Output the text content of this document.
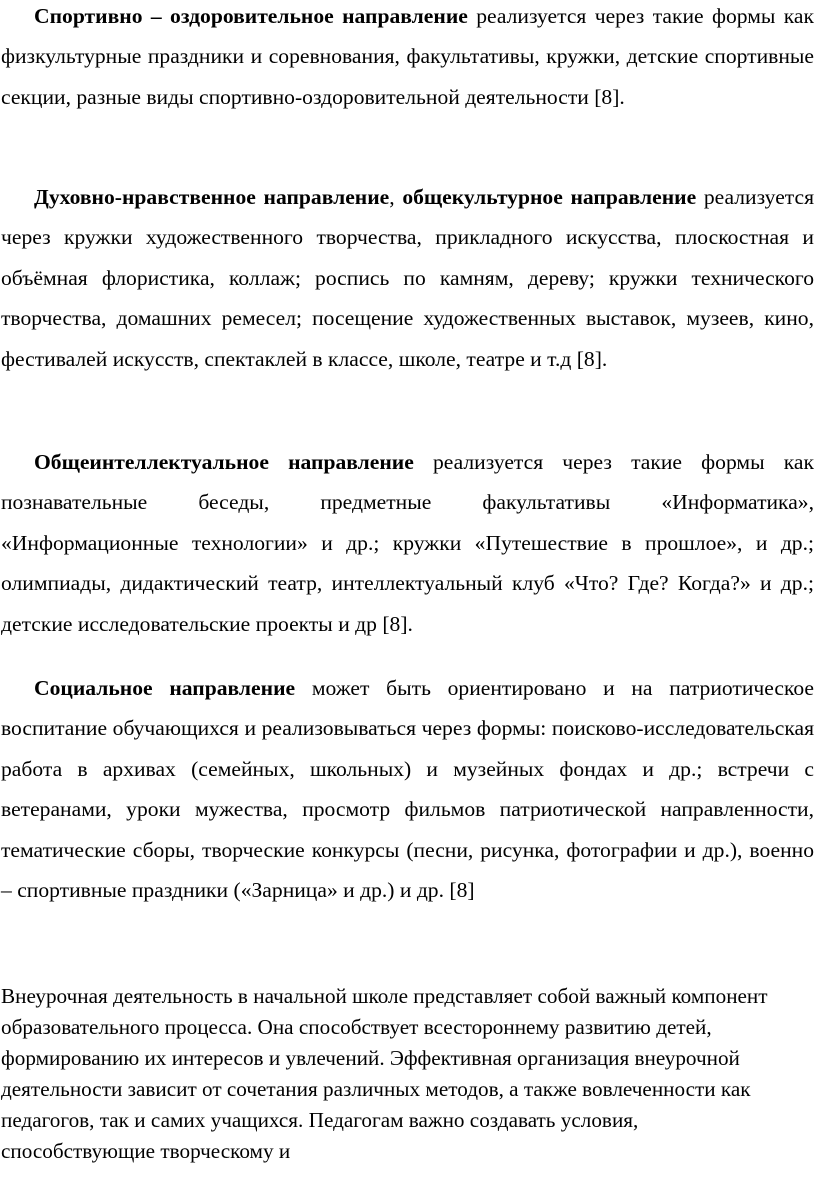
Спортивно – оздоровительное направление реализуется через такие формы как физкультурные праздники и соревнования, факультативы, кружки, детские спортивные секции, разные виды спортивно-оздоровительной деятельности [8].

Духовно-нравственное направление, общекультурное направление реализуется через кружки художественного творчества, прикладного искусства, плоскостная и объёмная флористика, коллаж; роспись по камням, дереву; кружки технического творчества, домашних ремесел; посещение художественных выставок, музеев, кино, фестивалей искусств, спектаклей в классе, школе, театре и т.д [8].

Общеинтеллектуальное направление реализуется через такие формы как познавательные беседы, предметные факультативы «Информатика», «Информационные технологии» и др.; кружки «Путешествие в прошлое», и др.; олимпиады, дидактический театр, интеллектуальный клуб «Что? Где? Когда?» и др.; детские исследовательские проекты и др [8].

Социальное направление может быть ориентировано и на патриотическое воспитание обучающихся и реализовываться через формы: поисково-исследовательская работа в архивах (семейных, школьных) и музейных фондах и др.; встречи с ветеранами, уроки мужества, просмотр фильмов патриотической направленности, тематические сборы, творческие конкурсы (песни, рисунка, фотографии и др.), военно – спортивные праздники («Зарница» и др.) и др. [8]

Внеурочная деятельность в начальной школе представляет собой важный компонент образовательного процесса. Она способствует всестороннему развитию детей, формированию их интересов и увлечений. Эффективная организация внеурочной деятельности зависит от сочетания различных методов, а также вовлеченности как педагогов, так и самих учащихся. Педагогам важно создавать условия, способствующие творческому и
